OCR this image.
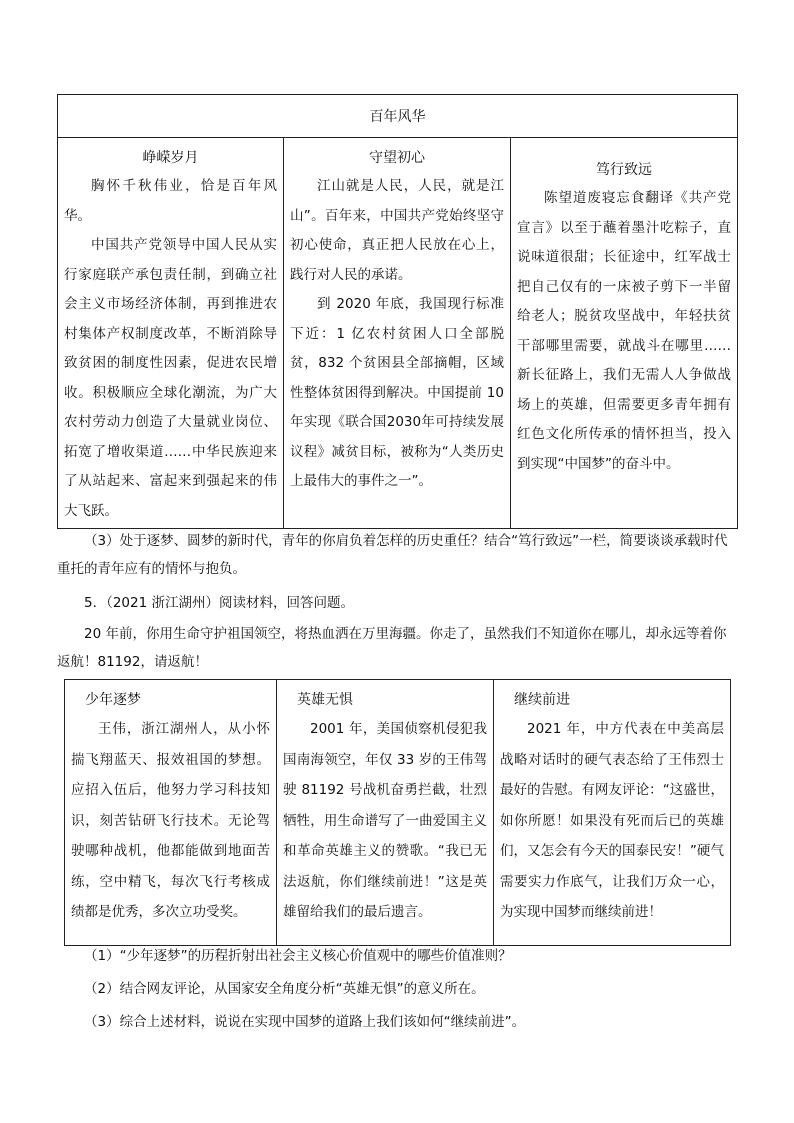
百年风华

峥嵘岁月

胸怀千秋伟业，恰是百年风华。

中国共产党领导中国人民从实行家庭联产承包责任制，到确立社会主义市场经济体制，再到推进农村集体产权制度改革，不断消除导致贫困的制度性因素，促进农民增收。积极顺应全球化潮流，为广大农村劳动力创造了大量就业岗位、拓宽了增收渠道……中华民族迎来了从站起来、富起来到强起来的伟大飞跃。

守望初心

江山就是人民，人民，就是江山”。百年来，中国共产党始终坚守初心使命，真正把人民放在心上，践行对人民的承诺。

到 2020 年底，我国现行标准下近：1 亿农村贫困人口全部脱贫，832 个贫困县全部摘帽，区域性整体贫困得到解决。中国提前 10 年实现《联合国2030年可持续发展议程》减贫目标，被称为“人类历史上最伟大的事件之一”。

笃行致远

陈望道废寝忘食翻译《共产党宣言》以至于蘸着墨汁吃粽子，直说味道很甜；长征途中，红军战士把自己仅有的一床被子剪下一半留给老人；脱贫攻坚战中，年轻扶贫干部哪里需要，就战斗在哪里……新长征路上，我们无需人人争做战场上的英雄，但需要更多青年拥有红色文化所传承的情怀担当，投入到实现“中国梦”的奋斗中。

（3）处于逐梦、圆梦的新时代，青年的你肩负着怎样的历史重任？结合“笃行致远”一栏，简要谈谈承载时代重托的青年应有的情怀与抱负。

5．（2021 浙江湖州）阅读材料，回答问题。

20 年前，你用生命守护祖国领空，将热血洒在万里海疆。你走了，虽然我们不知道你在哪儿，却永远等着你返航！81192，请返航！

少年逐梦

王伟，浙江湖州人，从小怀揣飞翔蓝天、报效祖国的梦想。应招入伍后，他努力学习科技知识，刻苦钻研飞行技术。无论驾驶哪种战机，他都能做到地面苦练，空中精飞，每次飞行考核成绩都是优秀，多次立功受奖。

英雄无惧

2001 年，美国侦察机侵犯我国南海领空，年仅 33 岁的王伟驾驶 81192 号战机奋勇拦截，壮烈牺牲，用生命谱写了一曲爱国主义和革命英雄主义的赞歌。“我已无法返航，你们继续前进！”这是英雄留给我们的最后遗言。

继续前进

2021 年，中方代表在中美高层战略对话时的硬气表态给了王伟烈士最好的告慰。有网友评论：“这盛世，如你所愿！如果没有死而后已的英雄们，又怎会有今天的国泰民安！”硬气需要实力作底气，让我们万众一心，为实现中国梦而继续前进！

（1）“少年逐梦”的历程折射出社会主义核心价值观中的哪些价值准则？

（2）结合网友评论，从国家安全角度分析“英雄无惧”的意义所在。

（3）综合上述材料，说说在实现中国梦的道路上我们该如何“继续前进”。
